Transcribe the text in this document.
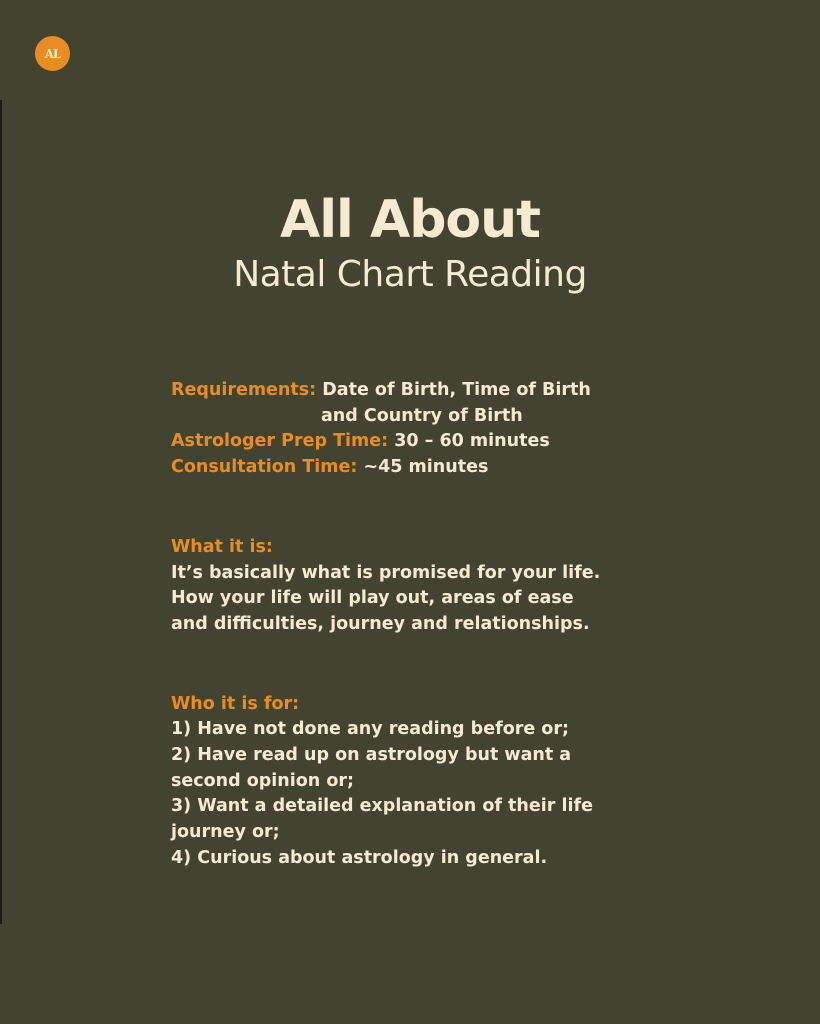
AL
All About
Natal Chart Reading
Requirements: Date of Birth, Time of Birth
and Country of Birth
Astrologer Prep Time: 30 – 60 minutes
Consultation Time: ~45 minutes
What it is:
It’s basically what is promised for your life.
How your life will play out, areas of ease
and difficulties, journey and relationships.
Who it is for:
1) Have not done any reading before or;
2) Have read up on astrology but want a
second opinion or;
3) Want a detailed explanation of their life
journey or;
4) Curious about astrology in general.
